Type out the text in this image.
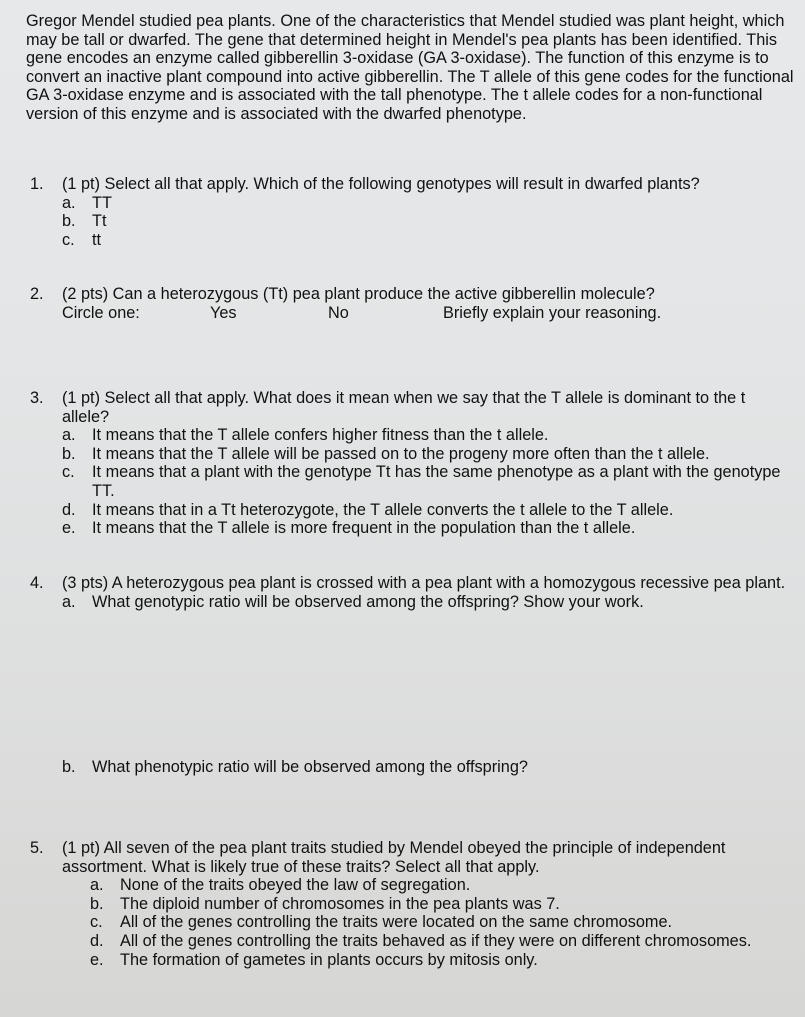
Gregor Mendel studied pea plants. One of the characteristics that Mendel studied was plant height, which may be tall or dwarfed. The gene that determined height in Mendel's pea plants has been identified. This gene encodes an enzyme called gibberellin 3-oxidase (GA 3-oxidase). The function of this enzyme is to convert an inactive plant compound into active gibberellin. The T allele of this gene codes for the functional GA 3-oxidase enzyme and is associated with the tall phenotype. The t allele codes for a non-functional version of this enzyme and is associated with the dwarfed phenotype.

1.	(1 pt) Select all that apply. Which of the following genotypes will result in dwarfed plants?
a.	TT
b.	Tt
c.	tt
2.	(2 pts) Can a heterozygous (Tt) pea plant produce the active gibberellin molecule?
Circle one:	Yes	No	Briefly explain your reasoning.
3.	(1 pt) Select all that apply. What does it mean when we say that the T allele is dominant to the t allele?
a.	It means that the T allele confers higher fitness than the t allele.
b.	It means that the T allele will be passed on to the progeny more often than the t allele.
c.	It means that a plant with the genotype Tt has the same phenotype as a plant with the genotype TT.
d.	It means that in a Tt heterozygote, the T allele converts the t allele to the T allele.
e.	It means that the T allele is more frequent in the population than the t allele.
4.	(3 pts) A heterozygous pea plant is crossed with a pea plant with a homozygous recessive pea plant.
a.	What genotypic ratio will be observed among the offspring? Show your work.
b.	What phenotypic ratio will be observed among the offspring?
5.	(1 pt) All seven of the pea plant traits studied by Mendel obeyed the principle of independent assortment. What is likely true of these traits? Select all that apply.
a.	None of the traits obeyed the law of segregation.
b.	The diploid number of chromosomes in the pea plants was 7.
c.	All of the genes controlling the traits were located on the same chromosome.
d.	All of the genes controlling the traits behaved as if they were on different chromosomes.
e.	The formation of gametes in plants occurs by mitosis only.
